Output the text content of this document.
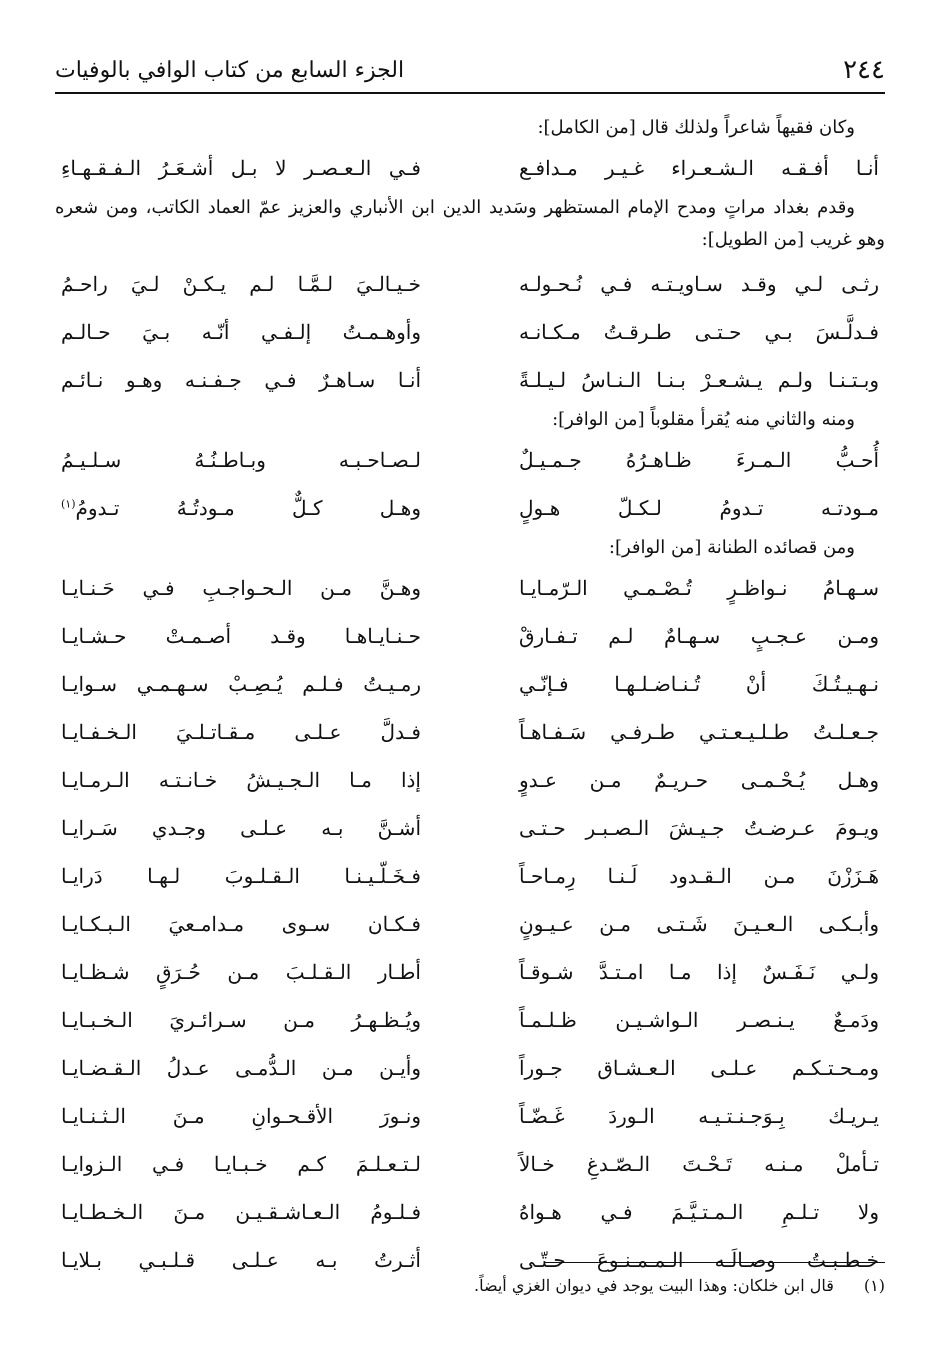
٢٤٤
الجزء السابع من كتاب الوافي بالوفيات

وكان فقيهاً شاعراً ولذلك قال [من الكامل]:

أنـا أفـقـه الـشـعـراء غـيـر مـدافـع
فـي الـعـصـر لا بـل أشـعَـرُ الـفـقـهـاءِ

وقدم بغداد مراتٍ ومدح الإمام المستظهر وسَديد الدين ابن الأنباري والعزيز عمّ العماد الكاتب، ومن شعره وهو غريب [من الطويل]:

رثـى لـي وقـد سـاويـتـه فـي نُـحـولـه
خـيـالـيَ لـمَّـا لـم يـكـنْ لـيَ راحـمُ
فـدلَّـسَ بـي حـتـى طـرقـتُ مـكـانـه
وأوهـمـتُ إلـفـي أنّـه بـيَ حـالـم
وبـتـنـا ولـم يـشـعـرْ بـنـا الـنـاسُ لـيـلـةً
أنـا سـاهـرٌ فـي جـفـنـه وهـو نـائـم

ومنه والثاني منه يُقرأ مقلوباً [من الوافر]:

أُحـبُّ الـمـرءَ ظـاهـرُهُ جـمـيـلٌ
لـصـاحـبـه وبـاطـنُـهُ سـلـيـمُ
مـودتـه تـدومُ لـكـلّ هـولٍ
وهـل كـلٌّ مـودتُـهُ تـدومُ$^{(١)}$

ومن قصائده الطنانة [من الوافر]:

سـهـامُ نـواظـرٍ تُـصْـمـي الـرّمـايـا
وهـنَّ مـن الـحـواجـبِ فـي حَـنـايـا
ومـن عـجـبٍ سـهـامٌ لـم تـفـارقْ
حـنـايـاهـا وقـد أصـمـتْ حـشـايـا
نـهـيـتُـكَ أنْ تُـنـاضـلـهـا فـإنّـي
رمـيـتُ فـلـم يُـصِـبْ سـهـمـي سـوايـا
جـعـلـتُ طـلـيـعـتـي طـرفـي سَـفـاهـاً
فـدلَّ عـلـى مـقـاتـلـيَ الـخـفـايـا
وهـل يُـحْـمـى حـريـمٌ مـن عـدوٍ
إذا مـا الـجـيـشُ خـانـتـه الـرمـايـا
ويـومَ عـرضـتُ جـيـشَ الـصـبـر حـتـى
أشـنَّ بـه عـلـى وجـدي سَـرايـا
هَـزَزْنَ مـن الـقـدود لَـنـا رِمـاحـاً
فـخَـلّـيـنـا الـقـلـوبَ لـهـا دَرايـا
وأبـكـى الـعـيـنَ شَـتـى مـن عـيـونٍ
فـكـان سـوى مـدامـعيَ الـبـكـايـا
ولـي نَـفَـسٌ إذا مـا امـتـدَّ شـوقـاً
أطـار الـقـلـبَ مـن حُـرَقٍ شـظـايـا
ودَمـعٌ يـنـصـر الـواشـيـن ظـلـمـاً
ويُـظـهـرُ مـن سـرائـريَ الـخـبـايـا
ومـحـتـكـم عـلـى الـعـشـاق جـوراً
وأيـن مـن الـدُّمـى عـدلُ الـقـضـايـا
يـريـك بِـوَجـنـتـيـه الـوردَ غَـضّـاً
ونـورَ الأقـحـوانِ مـنَ الـثـنـايـا
تـأملْ مـنـه تَـحْـتَ الـصّـدغِ خـالاً
لـتـعـلـمَ كـم خـبـايـا فـي الـزوايـا
ولا تـلـمِ الـمـتـيَّـمَ فـي هـواهُ
فـلـومُ الـعـاشـقـيـن مـنَ الـخـطـايـا
خـطـبـتُ وصـالَـه الـمـمـنـوعَ حـتّـى
أثـرتُ بـه عـلـى قـلـبـي بـلايـا
(١)
قال ابن خلكان: وهذا البيت يوجد في ديوان الغزي أيضاً.
